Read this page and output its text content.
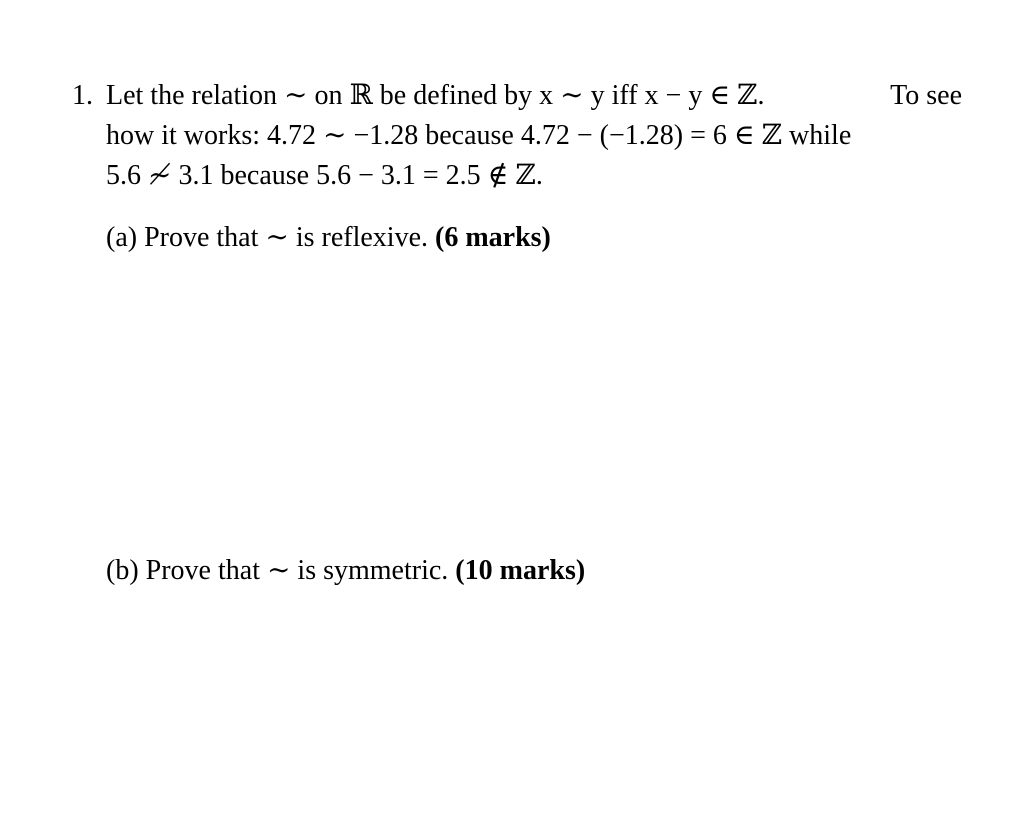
1. Let the relation ∼ on ℝ be defined by x ∼ y iff x − y ∈ ℤ.	To see
how it works: 4.72 ∼ −1.28 because 4.72 − (−1.28) = 6 ∈ ℤ while
5.6 ≁ 3.1 because 5.6 − 3.1 = 2.5 ∉ ℤ.
(a) Prove that ∼ is reflexive. (6 marks)
(b) Prove that ∼ is symmetric. (10 marks)
